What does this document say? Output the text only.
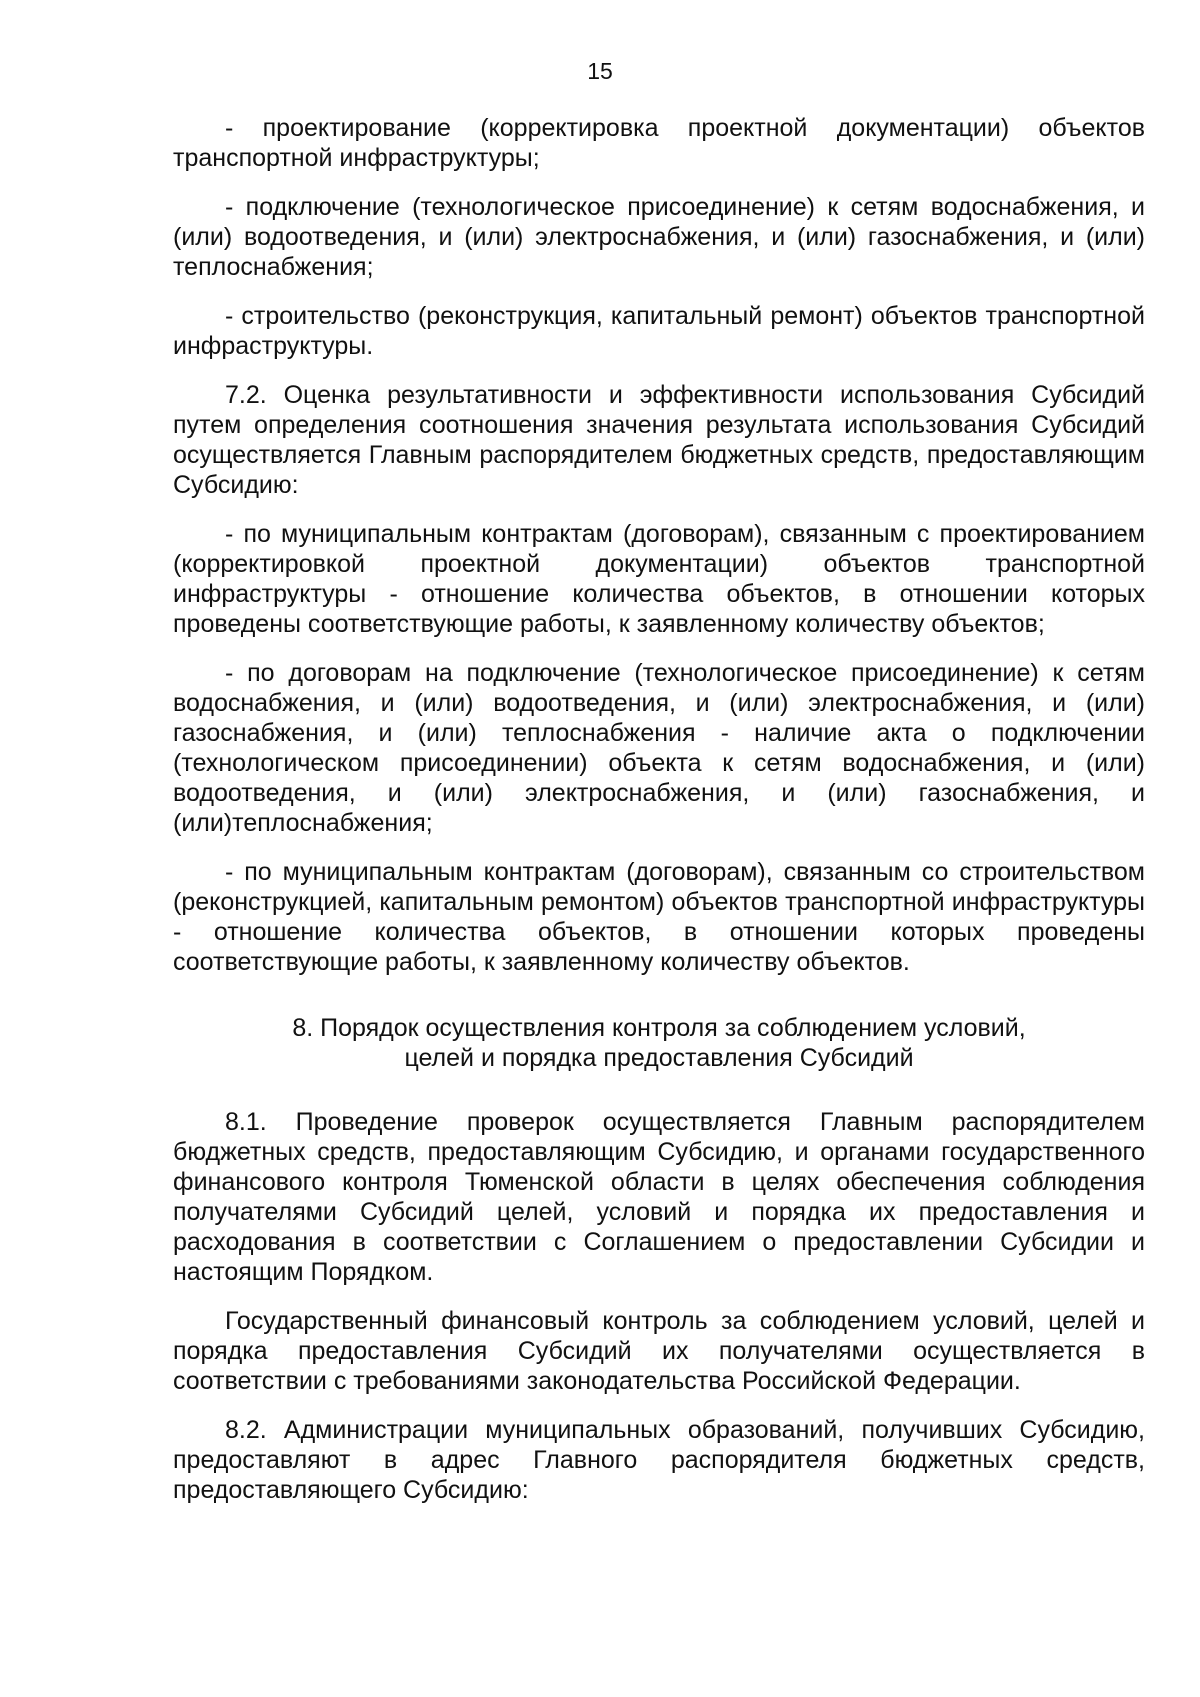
15

- проектирование (корректировка проектной документации) объектов транспортной инфраструктуры;

- подключение (технологическое присоединение) к сетям водоснабжения, и (или) водоотведения, и (или) электроснабжения, и (или) газоснабжения, и (или) теплоснабжения;

- строительство (реконструкция, капитальный ремонт) объектов транспортной инфраструктуры.

7.2. Оценка результативности и эффективности использования Субсидий путем определения соотношения значения результата использования Субсидий осуществляется Главным распорядителем бюджетных средств, предоставляющим Субсидию:

- по муниципальным контрактам (договорам), связанным с проектированием (корректировкой проектной документации) объектов транспортной инфраструктуры - отношение количества объектов, в отношении которых проведены соответствующие работы, к заявленному количеству объектов;

- по договорам на подключение (технологическое присоединение) к сетям водоснабжения, и (или) водоотведения, и (или) электроснабжения, и (или) газоснабжения, и (или) теплоснабжения - наличие акта о подключении (технологическом присоединении) объекта к сетям водоснабжения, и (или) водоотведения, и (или) электроснабжения, и (или) газоснабжения, и (или)теплоснабжения;

- по муниципальным контрактам (договорам), связанным со строительством (реконструкцией, капитальным ремонтом) объектов транспортной инфраструктуры - отношение количества объектов, в отношении которых проведены соответствующие работы, к заявленному количеству объектов.

8. Порядок осуществления контроля за соблюдением условий,
целей и порядка предоставления Субсидий

8.1. Проведение проверок осуществляется Главным распорядителем бюджетных средств, предоставляющим Субсидию, и органами государственного финансового контроля Тюменской области в целях обеспечения соблюдения получателями Субсидий целей, условий и порядка их предоставления и расходования в соответствии с Соглашением о предоставлении Субсидии и настоящим Порядком.

Государственный финансовый контроль за соблюдением условий, целей и порядка предоставления Субсидий их получателями осуществляется в соответствии с требованиями законодательства Российской Федерации.

8.2. Администрации муниципальных образований, получивших Субсидию, предоставляют в адрес Главного распорядителя бюджетных средств, предоставляющего Субсидию:
